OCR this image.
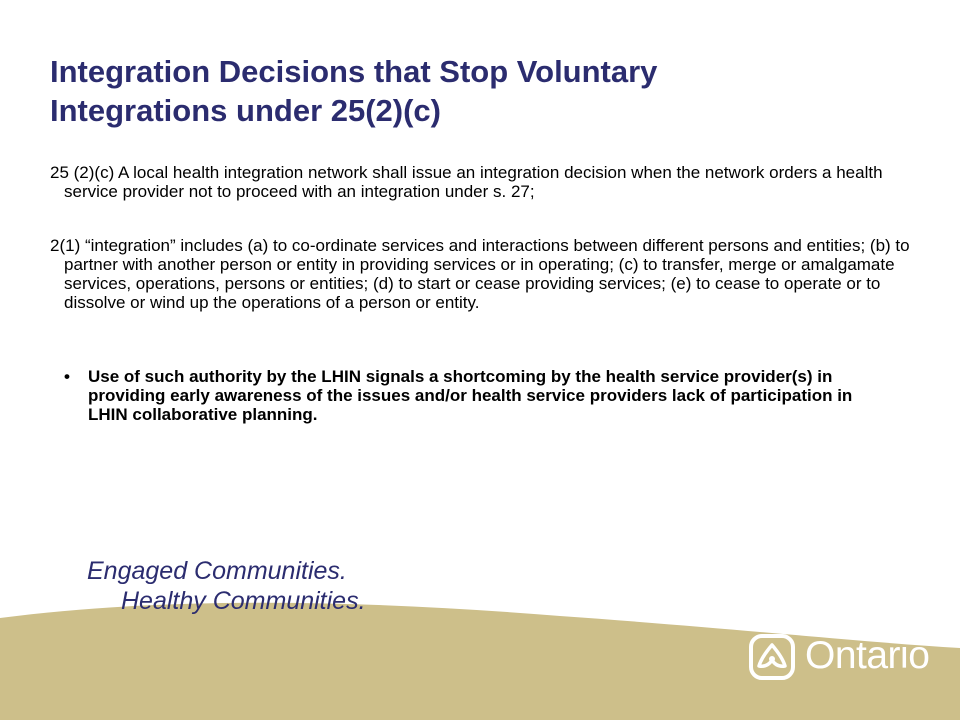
Integration Decisions that Stop Voluntary
Integrations under 25(2)(c)

25 (2)(c) A local health integration network shall issue an integration decision when the network orders a health service provider not to proceed with an integration under s. 27;

2(1) “integration” includes (a) to co-ordinate services and interactions between different persons and entities; (b) to partner with another person or entity in providing services or in operating; (c) to transfer, merge or amalgamate services, operations, persons or entities; (d) to start or cease providing services; (e) to cease to operate or to dissolve or wind up the operations of a person or entity.

• Use of such authority by the LHIN signals a shortcoming by the health service provider(s) in providing early awareness of the issues and/or health service providers lack of participation in LHIN collaborative planning.
Engaged Communities.
Healthy Communities.
Ontario
